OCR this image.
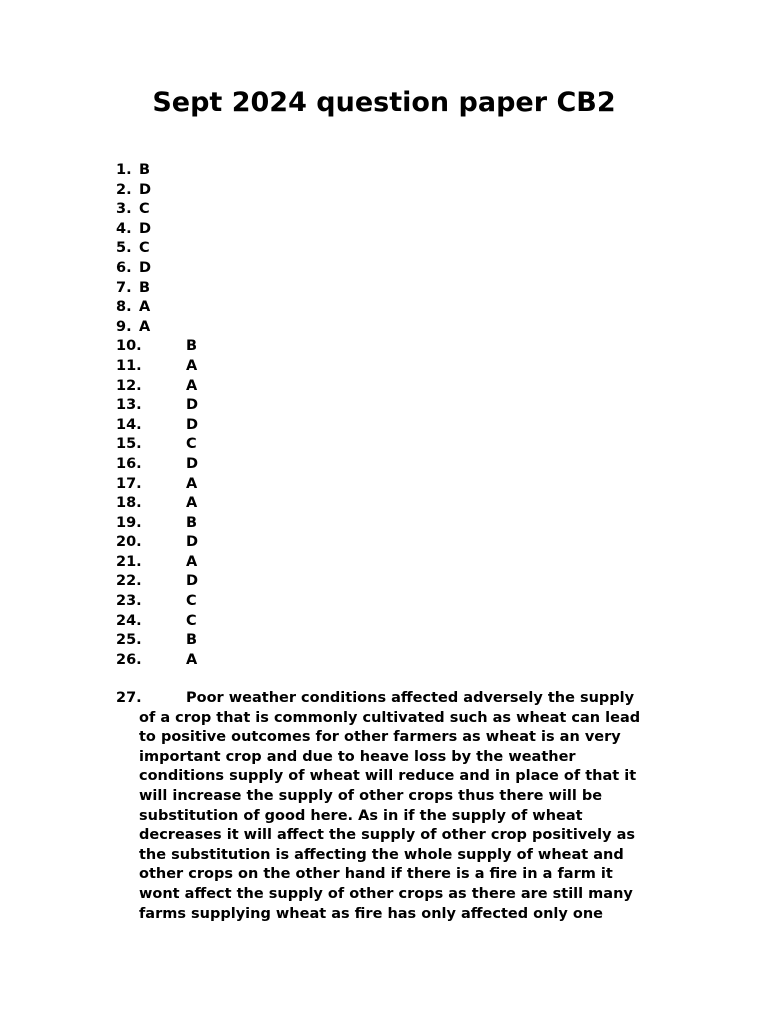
Sept 2024 question paper CB2
1. B
2. D
3. C
4. D
5. C
6. D
7. B
8. A
9. A
10.	B
11.	A
12.	A
13.	D
14.	D
15.	C
16.	D
17.	A
18.	A
19.	B
20.	D
21.	A
22.	D
23.	C
24.	C
25.	B
26.	A
27.	Poor weather conditions affected adversely the supply
of a crop that is commonly cultivated such as wheat can lead
to positive outcomes for other farmers as wheat is an very
important crop and due to heave loss by the weather
conditions supply of wheat will reduce and in place of that it
will increase the supply of other crops thus there will be
substitution of good here. As in if the supply of wheat
decreases it will affect the supply of other crop positively as
the substitution is affecting the whole supply of wheat and
other crops on the other hand if there is a fire in a farm it
wont affect the supply of other crops as there are still many
farms supplying wheat as fire has only affected only one
